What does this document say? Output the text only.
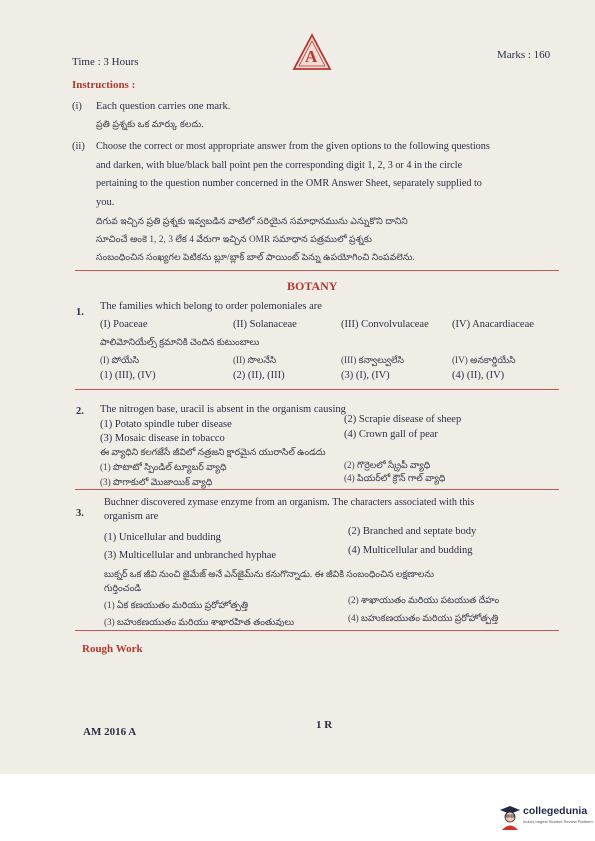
Time : 3 Hours
Marks : 160
A
Instructions :
(i) Each question carries one mark.
ప్రతి ప్రశ్నకు ఒక మార్కు కలదు.
(ii) Choose the correct or most appropriate answer from the given options to the following questions
and darken, with blue/black ball point pen the corresponding digit 1, 2, 3 or 4 in the circle
pertaining to the question number concerned in the OMR Answer Sheet, separately supplied to
you.
దిగువ ఇచ్చిన ప్రతి ప్రశ్నకు ఇవ్వబడిన వాటిలో సరియైన సమాధానమును ఎన్నుకొని దానిని
సూచించే అంకె 1, 2, 3 లేక 4 వేరుగా ఇచ్చిన OMR సమాధాన పత్రములో ప్రశ్నకు
సంబంధించిన సంఖ్యగల పెటికను బ్లూ/బ్లాక్ బాల్ పాయింట్ పెన్ను ఉపయోగించి నింపవలెను.
BOTANY
1.
The families which belong to order polemoniales are
(I) Poaceae	(II) Solanaceae	(III) Convolvulaceae (IV) Anacardiaceae
పాలిమోనియేల్స్ క్రమానికి చెందిన కుటుంబాలు
(I) పోయేసి	(II) సొలనేసి	(III) కన్వాల్వులేసి	(IV) అనకార్డియేసి
(1) (III), (IV)	(2) (II), (III)	(3) (I), (IV)	(4) (II), (IV)
2. The nitrogen base, uracil is absent in the organism causing
(1) Potato spindle tuber disease	(2) Scrapie disease of sheep
(3) Mosaic disease in tobacco	(4) Crown gall of pear
ఈ వ్యాధిని కలగజేసే జీవిలో నత్రజని క్షారమైన యురాసిల్ ఉండదు
(1) పొటాటో స్పిండిల్ ట్యూబర్ వ్యాధి	(2) గొర్రెలలో స్క్రేపీ వ్యాధి
(3) పొగాకులో మొజాయిక్ వ్యాధి	(4) పియర్‌లో క్రౌన్ గాల్ వ్యాధి
3.
Buchner discovered zymase enzyme from an organism. The characters associated with this
organism are
(1) Unicellular and budding
(2) Branched and septate body
(3) Multicellular and unbranched hyphae	(4) Multicellular and budding
బుక్నర్ ఒక జీవి నుంచి జైమేజ్ అనే ఎన్‌జైమ్‌ను కనుగొన్నాడు. ఈ జీవికి సంబంధించిన లక్షణాలను
గుర్తించండి
(1) ఏక కణయుతం మరియు ప్రరోహోత్పత్తి	(2) శాఖాయుతం మరియు పటయుత దేహం
(3) బహుకణయుతం మరియు శాఖారహిత తంతువులు	(4) బహుకణయుతం మరియు ప్రరోహోత్పత్తి
Rough Work
AM 2016 A
1 R
collegedunia
India's largest Student Review Platform
